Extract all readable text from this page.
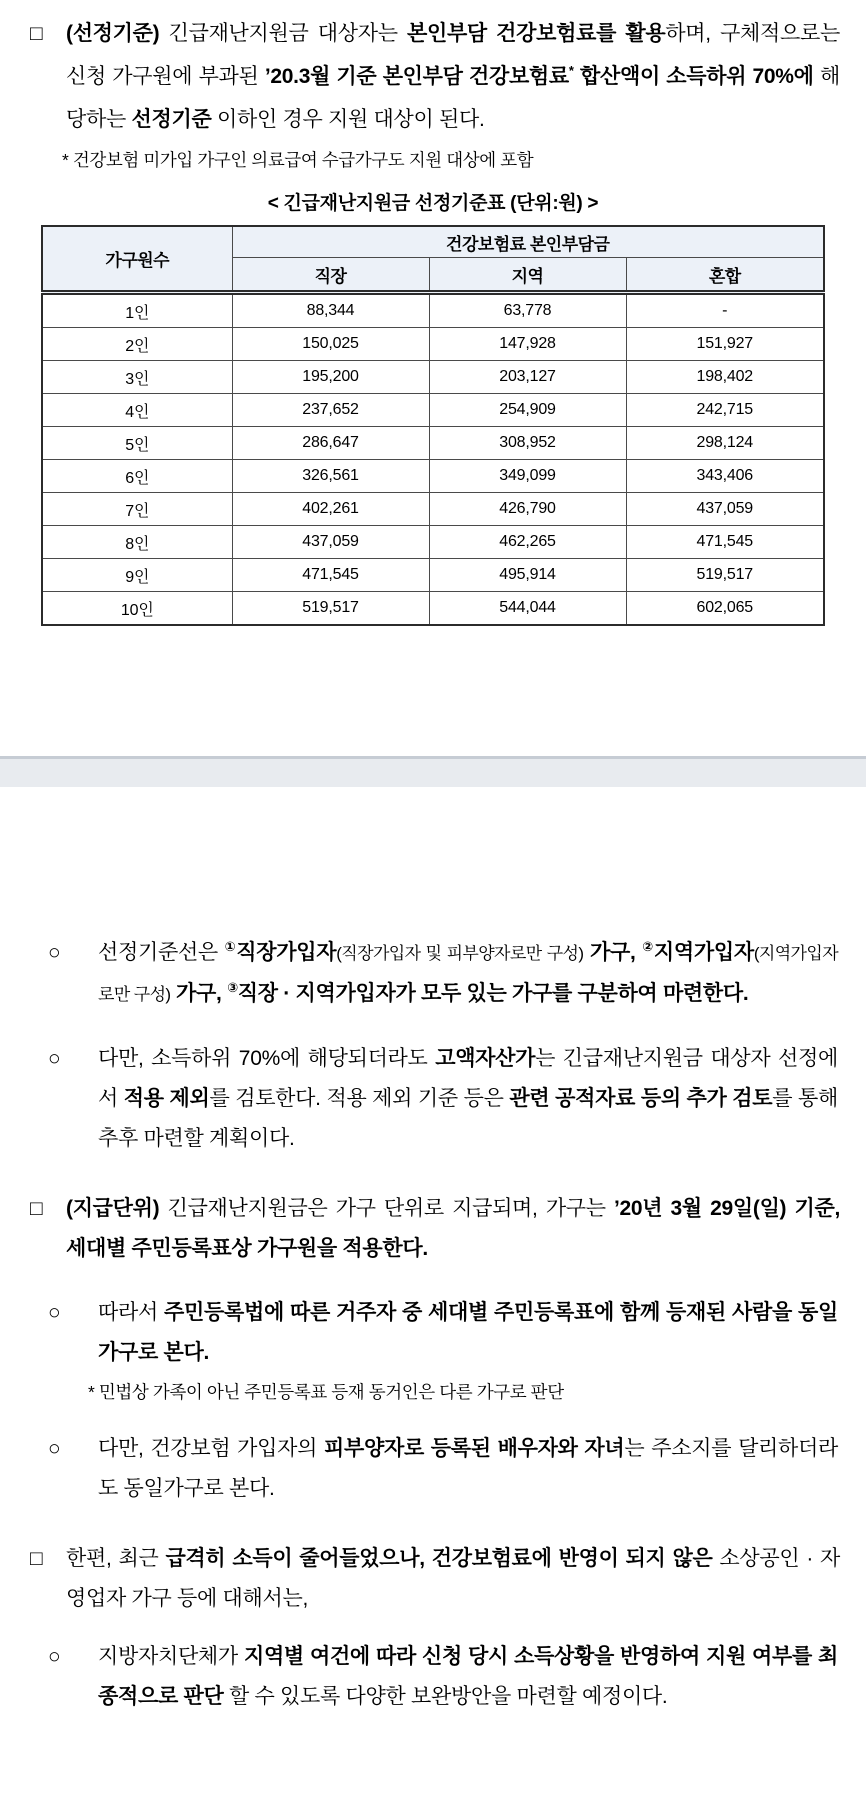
□ (선정기준) 긴급재난지원금 대상자는 본인부담 건강보험료를 활용하며, 구체적으로는 신청 가구원에 부과된 ’20.3월 기준 본인부담 건강보험료* 합산액이 소득하위 70%에 해당하는 선정기준 이하인 경우 지원 대상이 된다.
* 건강보험 미가입 가구인 의료급여 수급가구도 지원 대상에 포함
< 긴급재난지원금 선정기준표 (단위:원) >
가구원수	건강보험료 본인부담금		
	직장	지역	혼합
1인	88,344	63,778	-
2인	150,025	147,928	151,927
3인	195,200	203,127	198,402
4인	237,652	254,909	242,715
5인	286,647	308,952	298,124
6인	326,561	349,099	343,406
7인	402,261	426,790	437,059
8인	437,059	462,265	471,545
9인	471,545	495,914	519,517
10인	519,517	544,044	602,065
○ 선정기준선은 ①직장가입자(직장가입자 및 피부양자로만 구성) 가구, ②지역가입자(지역가입자로만 구성) 가구, ③직장 · 지역가입자가 모두 있는 가구를 구분하여 마련한다.
○ 다만, 소득하위 70%에 해당되더라도 고액자산가는 긴급재난지원금 대상자 선정에서 적용 제외를 검토한다. 적용 제외 기준 등은 관련 공적자료 등의 추가 검토를 통해 추후 마련할 계획이다.
□ (지급단위) 긴급재난지원금은 가구 단위로 지급되며, 가구는 ’20년 3월 29일(일) 기준, 세대별 주민등록표상 가구원을 적용한다.
○ 따라서 주민등록법에 따른 거주자 중 세대별 주민등록표에 함께 등재된 사람을 동일 가구로 본다.
* 민법상 가족이 아닌 주민등록표 등재 동거인은 다른 가구로 판단
○ 다만, 건강보험 가입자의 피부양자로 등록된 배우자와 자녀는 주소지를 달리하더라도 동일가구로 본다.
□ 한편, 최근 급격히 소득이 줄어들었으나, 건강보험료에 반영이 되지 않은 소상공인 · 자영업자 가구 등에 대해서는,
○ 지방자치단체가 지역별 여건에 따라 신청 당시 소득상황을 반영하여 지원 여부를 최종적으로 판단 할 수 있도록 다양한 보완방안을 마련할 예정이다.
